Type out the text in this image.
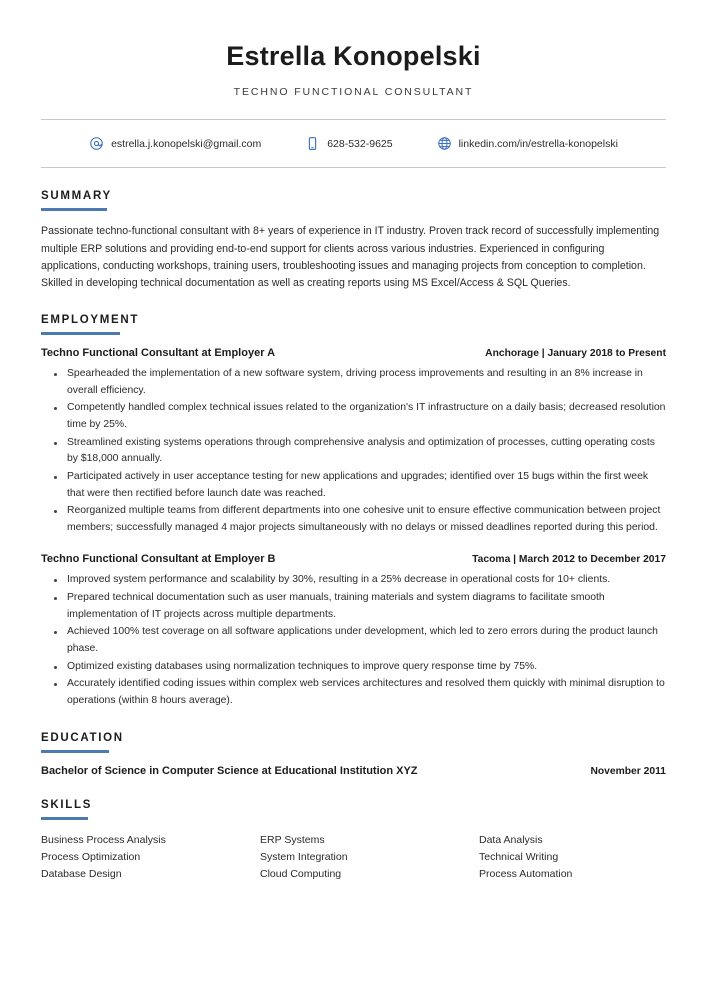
Estrella Konopelski
TECHNO FUNCTIONAL CONSULTANT
estrella.j.konopelski@gmail.com	628-532-9625	linkedin.com/in/estrella-konopelski
SUMMARY

Passionate techno-functional consultant with 8+ years of experience in IT industry. Proven track record of successfully implementing multiple ERP solutions and providing end-to-end support for clients across various industries. Experienced in configuring applications, conducting workshops, training users, troubleshooting issues and managing projects from conception to completion. Skilled in developing technical documentation as well as creating reports using MS Excel/Access & SQL Queries.

EMPLOYMENT
Techno Functional Consultant at Employer A	Anchorage | January 2018 to Present
Spearheaded the implementation of a new software system, driving process improvements and resulting in an 8% increase in overall efficiency.
Competently handled complex technical issues related to the organization's IT infrastructure on a daily basis; decreased resolution time by 25%.
Streamlined existing systems operations through comprehensive analysis and optimization of processes, cutting operating costs by $18,000 annually.
Participated actively in user acceptance testing for new applications and upgrades; identified over 15 bugs within the first week that were then rectified before launch date was reached.
Reorganized multiple teams from different departments into one cohesive unit to ensure effective communication between project members; successfully managed 4 major projects simultaneously with no delays or missed deadlines reported during this period.
Techno Functional Consultant at Employer B	Tacoma | March 2012 to December 2017
Improved system performance and scalability by 30%, resulting in a 25% decrease in operational costs for 10+ clients.
Prepared technical documentation such as user manuals, training materials and system diagrams to facilitate smooth implementation of IT projects across multiple departments.
Achieved 100% test coverage on all software applications under development, which led to zero errors during the product launch phase.
Optimized existing databases using normalization techniques to improve query response time by 75%.
Accurately identified coding issues within complex web services architectures and resolved them quickly with minimal disruption to operations (within 8 hours average).
EDUCATION
Bachelor of Science in Computer Science at Educational Institution XYZ	November 2011
SKILLS
Business Process Analysis	ERP Systems	Data Analysis
Process Optimization	System Integration	Technical Writing
Database Design	Cloud Computing	Process Automation
